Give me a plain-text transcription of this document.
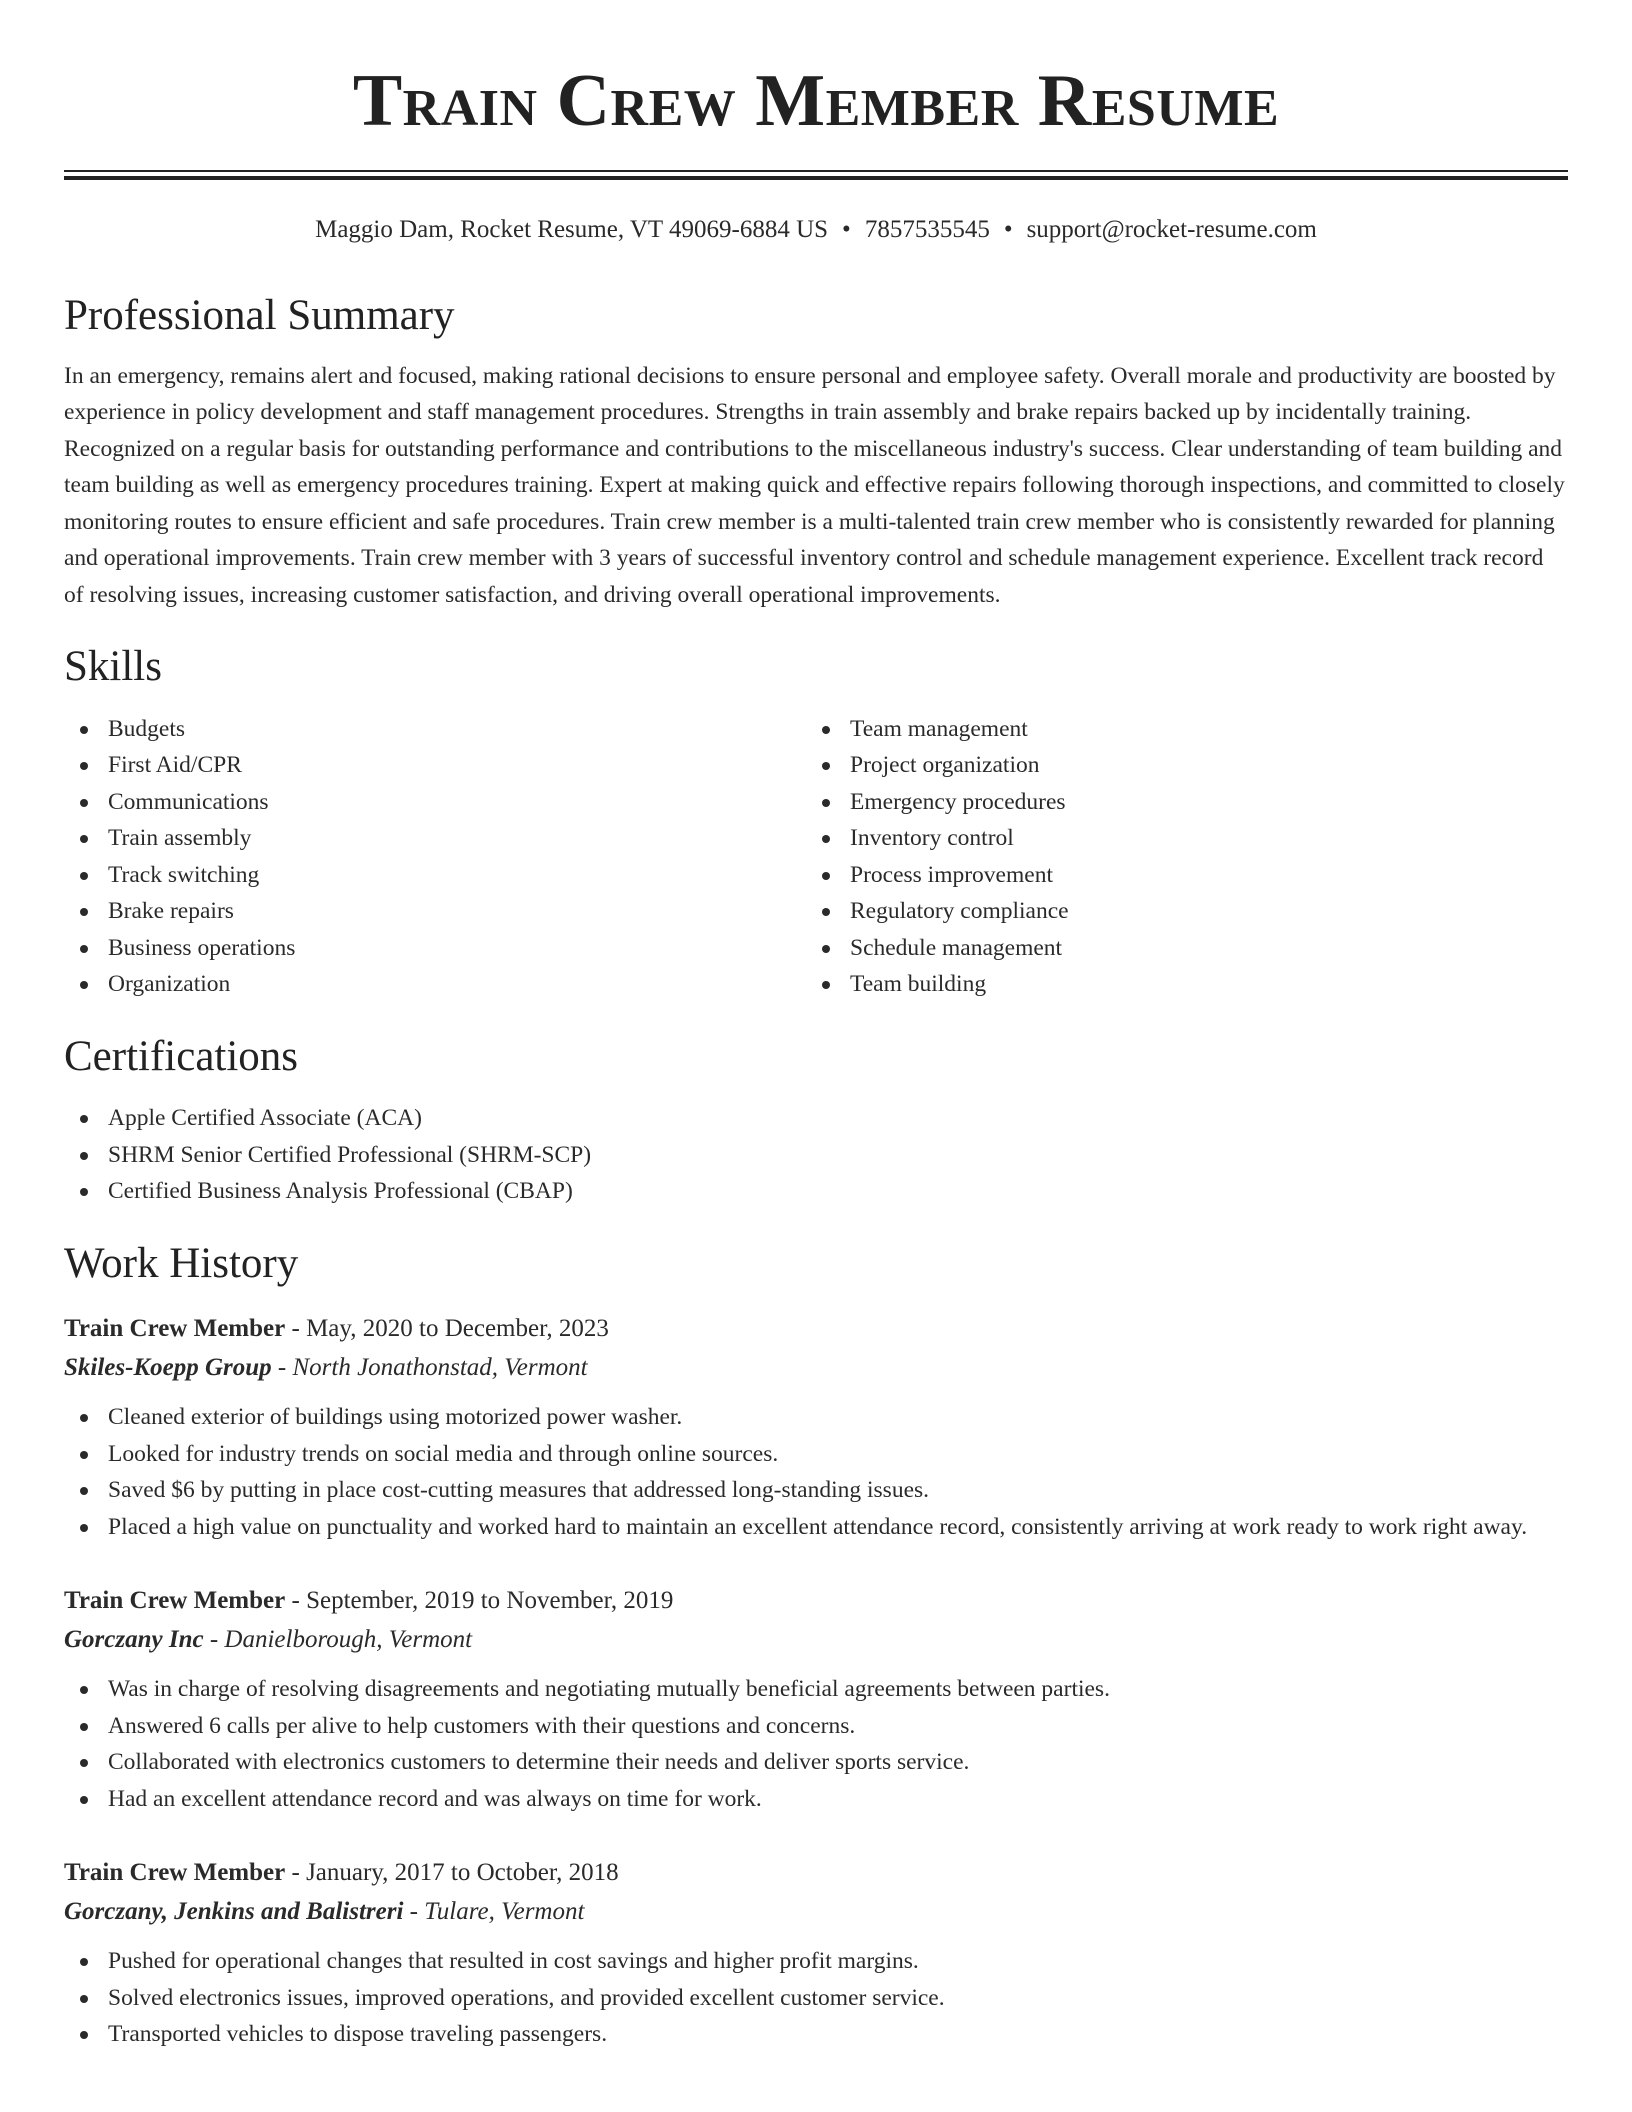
Train Crew Member Resume
Maggio Dam, Rocket Resume, VT 49069-6884 US • 7857535545 • support@rocket-resume.com
Professional Summary

In an emergency, remains alert and focused, making rational decisions to ensure personal and employee safety. Overall morale and productivity are boosted by experience in policy development and staff management procedures. Strengths in train assembly and brake repairs backed up by incidentally training. Recognized on a regular basis for outstanding performance and contributions to the miscellaneous industry's success. Clear understanding of team building and team building as well as emergency procedures training. Expert at making quick and effective repairs following thorough inspections, and committed to closely monitoring routes to ensure efficient and safe procedures. Train crew member is a multi-talented train crew member who is consistently rewarded for planning and operational improvements. Train crew member with 3 years of successful inventory control and schedule management experience. Excellent track record of resolving issues, increasing customer satisfaction, and driving overall operational improvements.

Skills
Budgets
First Aid/CPR
Communications
Train assembly
Track switching
Brake repairs
Business operations
Organization
Team management
Project organization
Emergency procedures
Inventory control
Process improvement
Regulatory compliance
Schedule management
Team building
Certifications
Apple Certified Associate (ACA)
SHRM Senior Certified Professional (SHRM-SCP)
Certified Business Analysis Professional (CBAP)
Work History
Train Crew Member - May, 2020 to December, 2023
Skiles-Koepp Group - North Jonathonstad, Vermont
Cleaned exterior of buildings using motorized power washer.
Looked for industry trends on social media and through online sources.
Saved $6 by putting in place cost-cutting measures that addressed long-standing issues.
Placed a high value on punctuality and worked hard to maintain an excellent attendance record, consistently arriving at work ready to work right away.
Train Crew Member - September, 2019 to November, 2019
Gorczany Inc - Danielborough, Vermont
Was in charge of resolving disagreements and negotiating mutually beneficial agreements between parties.
Answered 6 calls per alive to help customers with their questions and concerns.
Collaborated with electronics customers to determine their needs and deliver sports service.
Had an excellent attendance record and was always on time for work.
Train Crew Member - January, 2017 to October, 2018
Gorczany, Jenkins and Balistreri - Tulare, Vermont
Pushed for operational changes that resulted in cost savings and higher profit margins.
Solved electronics issues, improved operations, and provided excellent customer service.
Transported vehicles to dispose traveling passengers.
